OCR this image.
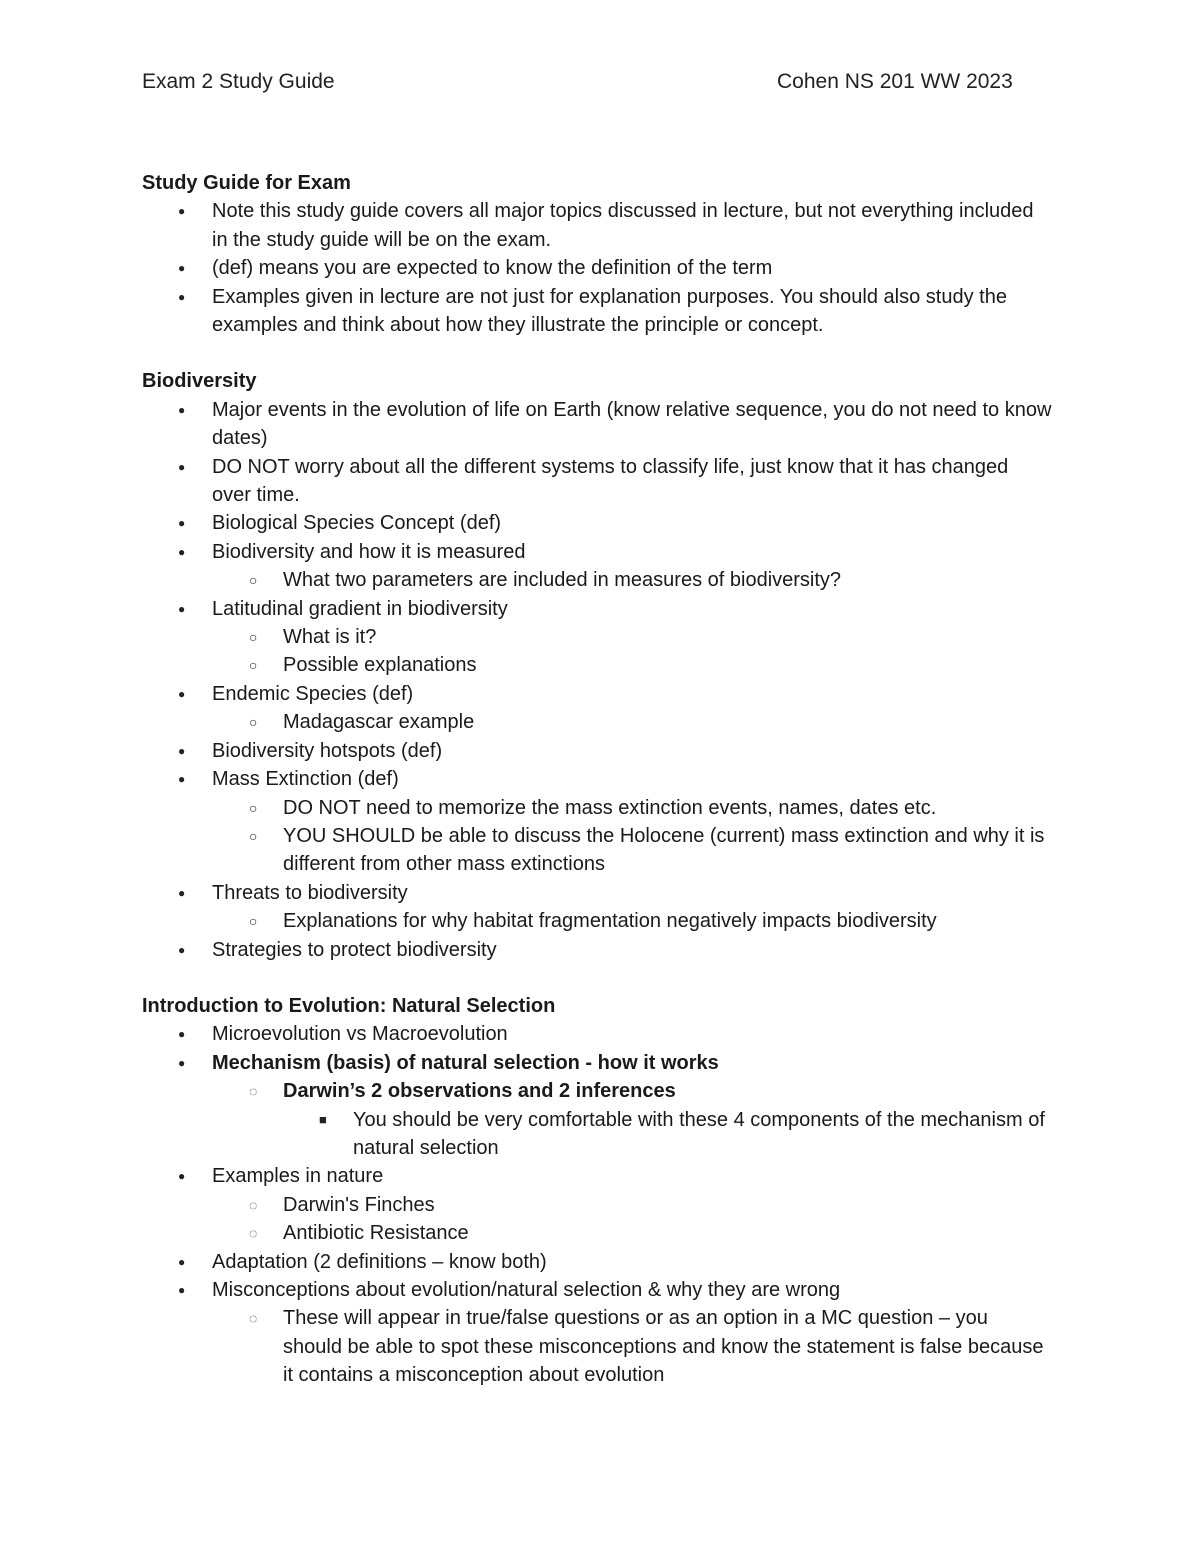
Exam 2 Study Guide	Cohen NS 201 WW 2023
Study Guide for Exam
● Note this study guide covers all major topics discussed in lecture, but not everything included in the study guide will be on the exam.
● (def) means you are expected to know the definition of the term
● Examples given in lecture are not just for explanation purposes. You should also study the examples and think about how they illustrate the principle or concept.
Biodiversity
● Major events in the evolution of life on Earth (know relative sequence, you do not need to know dates)
● DO NOT worry about all the different systems to classify life, just know that it has changed over time.
● Biological Species Concept (def)
● Biodiversity and how it is measured
○ What two parameters are included in measures of biodiversity?
● Latitudinal gradient in biodiversity
○ What is it?
○ Possible explanations
● Endemic Species (def)
○ Madagascar example
● Biodiversity hotspots (def)
● Mass Extinction (def)
○ DO NOT need to memorize the mass extinction events, names, dates etc.
○ YOU SHOULD be able to discuss the Holocene (current) mass extinction and why it is different from other mass extinctions
● Threats to biodiversity
○ Explanations for why habitat fragmentation negatively impacts biodiversity
● Strategies to protect biodiversity
Introduction to Evolution: Natural Selection
● Microevolution vs Macroevolution
● Mechanism (basis) of natural selection - how it works
◌ Darwin’s 2 observations and 2 inferences
■ You should be very comfortable with these 4 components of the mechanism of natural selection
● Examples in nature
◌ Darwin's Finches
◌ Antibiotic Resistance
● Adaptation (2 definitions – know both)
● Misconceptions about evolution/natural selection & why they are wrong
◌ These will appear in true/false questions or as an option in a MC question – you should be able to spot these misconceptions and know the statement is false because it contains a misconception about evolution
